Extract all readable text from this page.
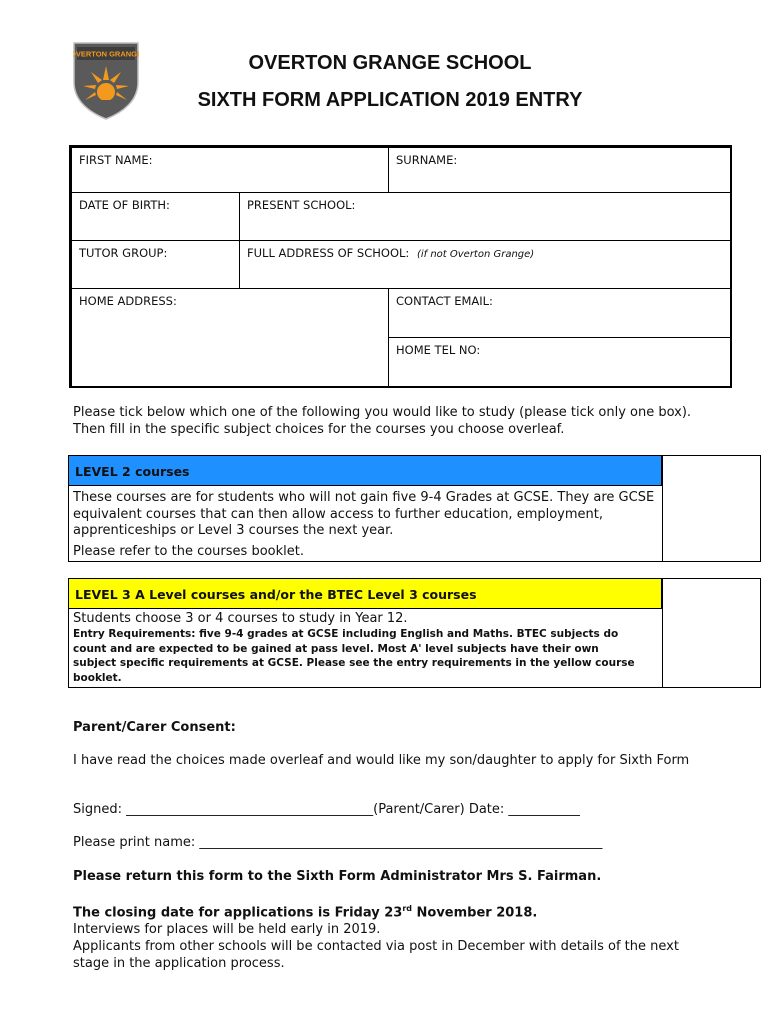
OVERTON GRANGE	OVERTON GRANGE SCHOOL
SIXTH FORM APPLICATION 2019 ENTRY
FIRST NAME:	SURNAME:
DATE OF BIRTH:	PRESENT SCHOOL:
TUTOR GROUP:	FULL ADDRESS OF SCHOOL: (if not Overton Grange)
HOME ADDRESS:	CONTACT EMAIL:
HOME TEL NO:
Please tick below which one of the following you would like to study (please tick only one box). Then fill in the specific subject choices for the courses you choose overleaf.
LEVEL 2 courses
These courses are for students who will not gain five 9-4 Grades at GCSE. They are GCSE equivalent courses that can then allow access to further education, employment, apprenticeships or Level 3 courses the next year.
Please refer to the courses booklet.
LEVEL 3 A Level courses and/or the BTEC Level 3 courses
Students choose 3 or 4 courses to study in Year 12.
Entry Requirements: five 9-4 grades at GCSE including English and Maths. BTEC subjects do count and are expected to be gained at pass level. Most A' level subjects have their own subject specific requirements at GCSE. Please see the entry requirements in the yellow course booklet.
Parent/Carer Consent:
I have read the choices made overleaf and would like my son/daughter to apply for Sixth Form
Signed: ______________________________________(Parent/Carer) Date: ___________
Please print name: ______________________________________________________________
Please return this form to the Sixth Form Administrator Mrs S. Fairman.
The closing date for applications is Friday 23rd November 2018.
Interviews for places will be held early in 2019.
Applicants from other schools will be contacted via post in December with details of the next stage in the application process.
